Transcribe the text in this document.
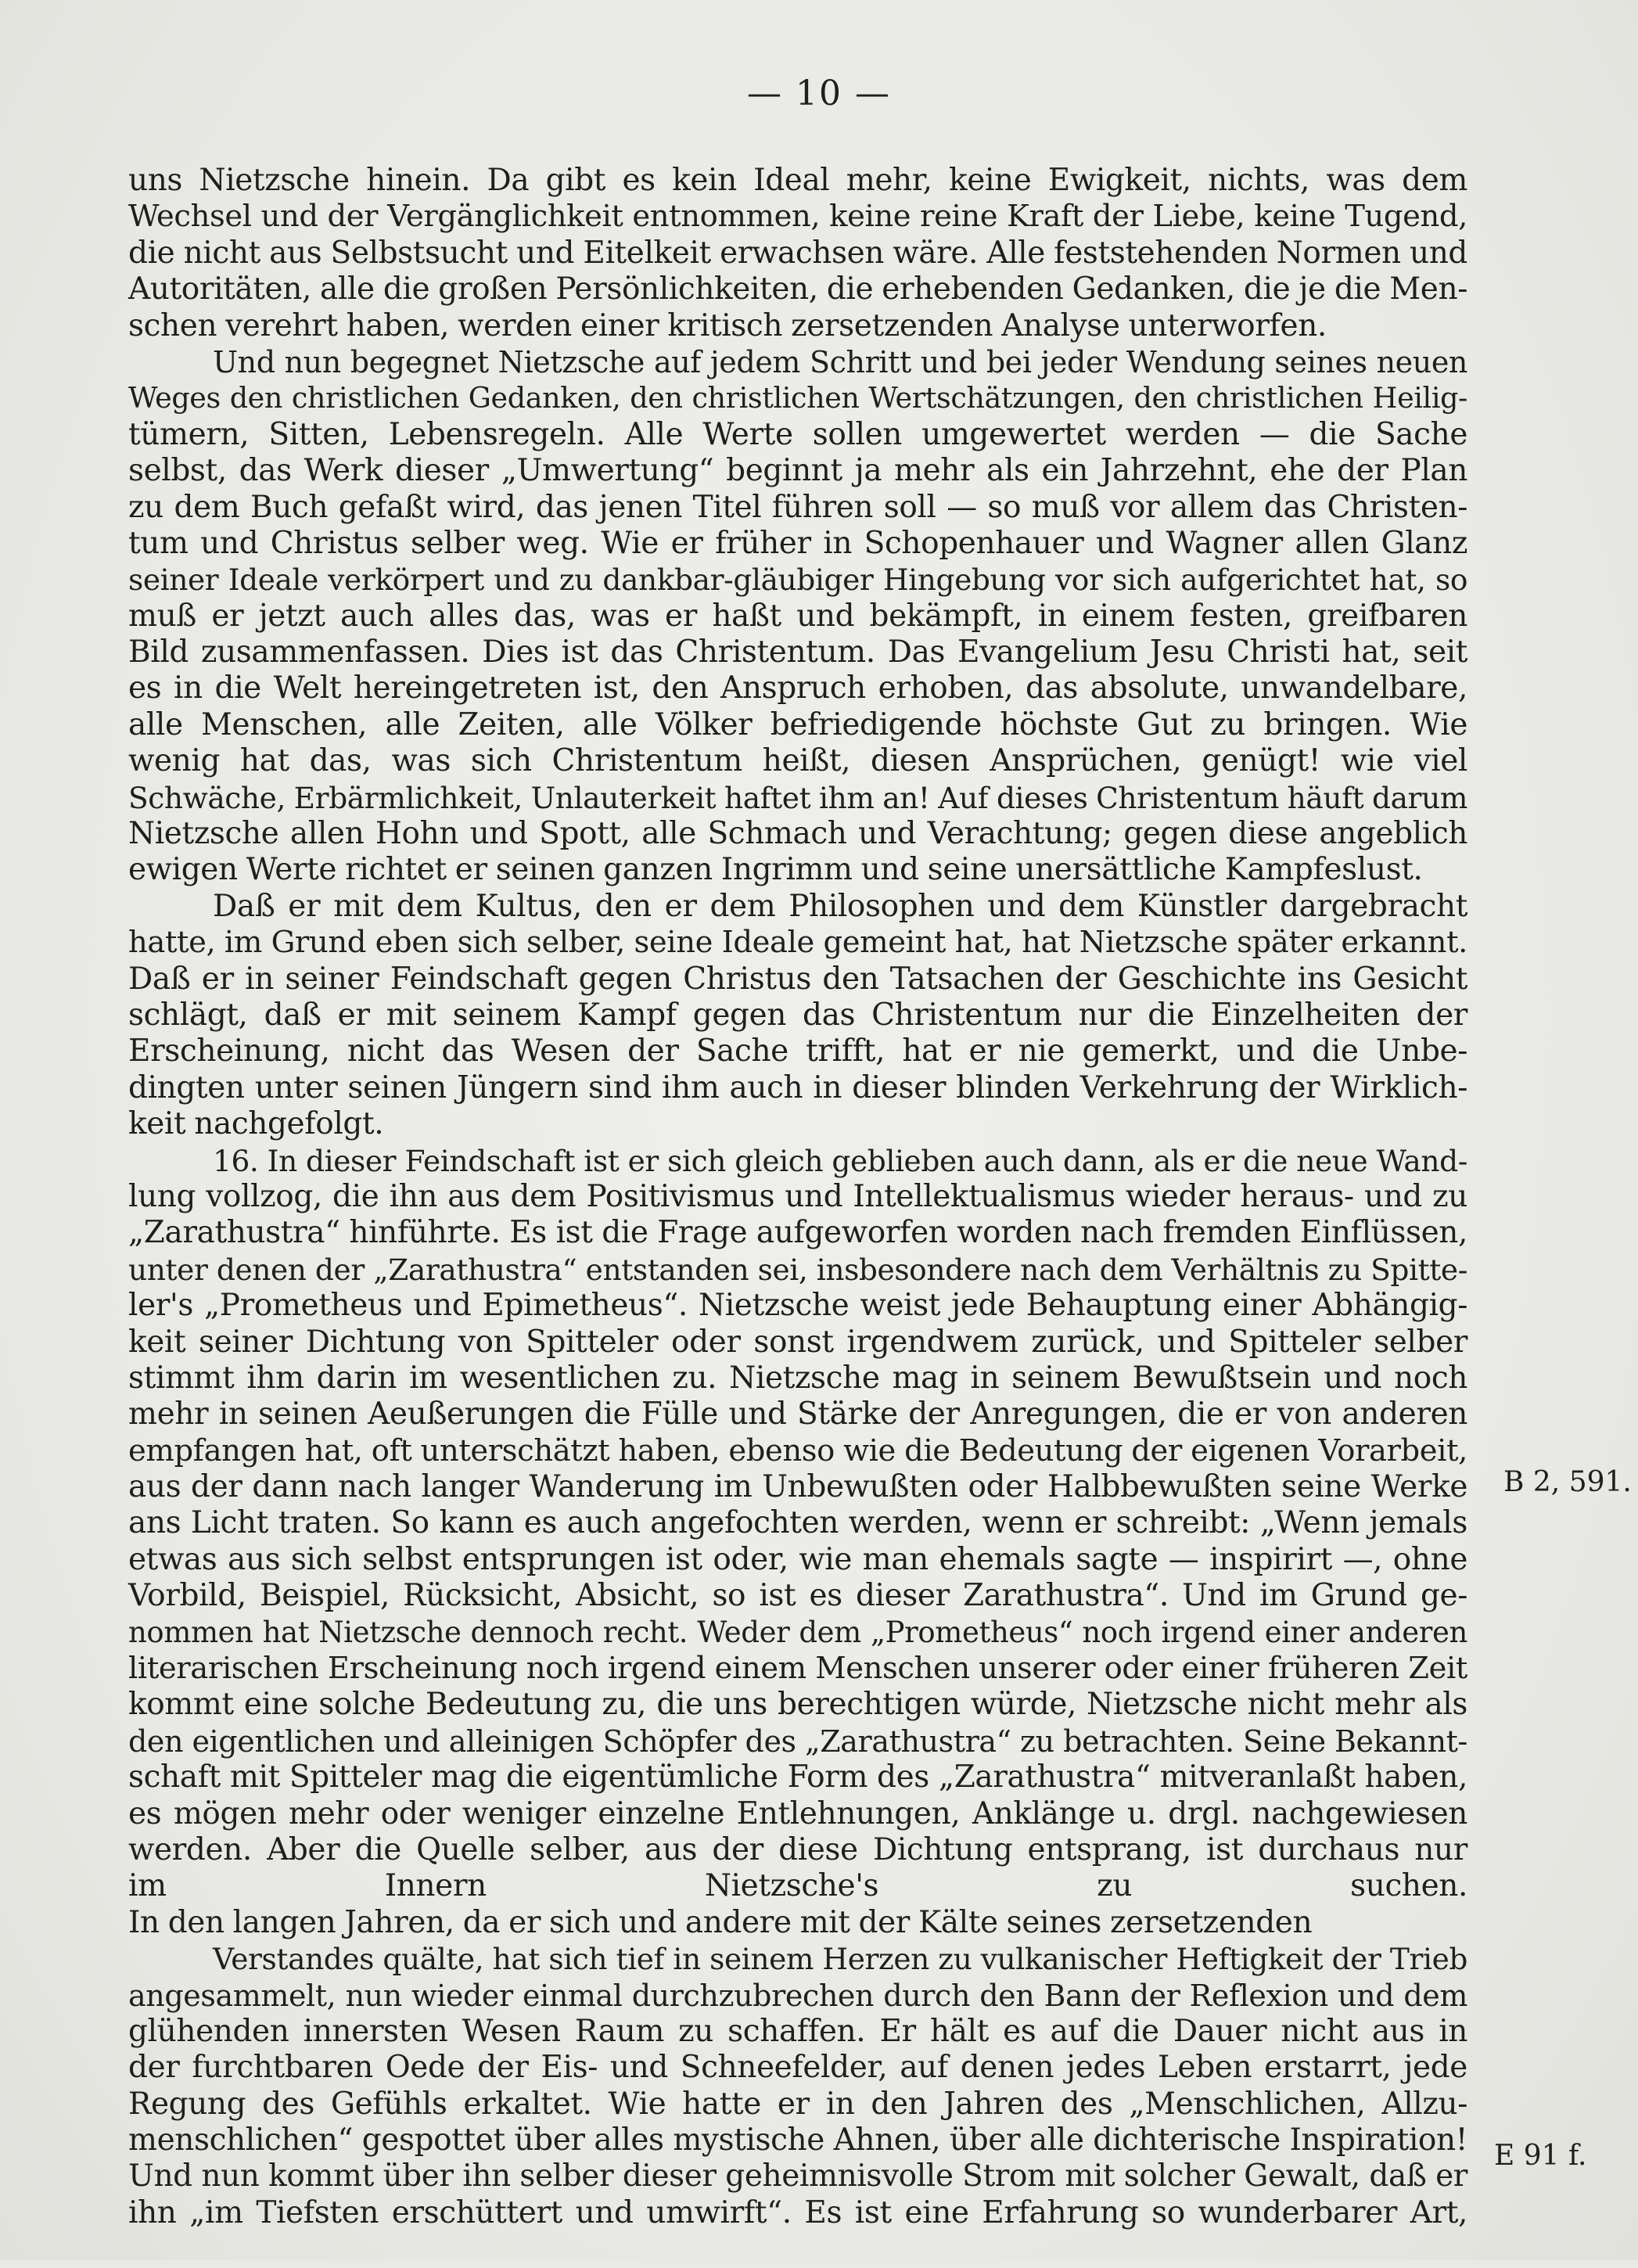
— 10 —
uns Nietzsche hinein. Da gibt es kein Ideal mehr, keine Ewigkeit, nichts, was dem
Wechsel und der Vergänglichkeit entnommen, keine reine Kraft der Liebe, keine Tugend,
die nicht aus Selbstsucht und Eitelkeit erwachsen wäre. Alle feststehenden Normen und
Autoritäten, alle die großen Persönlichkeiten, die erhebenden Gedanken, die je die Men-
schen verehrt haben, werden einer kritisch zersetzenden Analyse unterworfen.
Und nun begegnet Nietzsche auf jedem Schritt und bei jeder Wendung seines neuen
Weges den christlichen Gedanken, den christlichen Wertschätzungen, den christlichen Heilig-
tümern, Sitten, Lebensregeln. Alle Werte sollen umgewertet werden — die Sache
selbst, das Werk dieser „Umwertung“ beginnt ja mehr als ein Jahrzehnt, ehe der Plan
zu dem Buch gefaßt wird, das jenen Titel führen soll — so muß vor allem das Christen-
tum und Christus selber weg. Wie er früher in Schopenhauer und Wagner allen Glanz
seiner Ideale verkörpert und zu dankbar-gläubiger Hingebung vor sich aufgerichtet hat, so
muß er jetzt auch alles das, was er haßt und bekämpft, in einem festen, greifbaren
Bild zusammenfassen. Dies ist das Christentum. Das Evangelium Jesu Christi hat, seit
es in die Welt hereingetreten ist, den Anspruch erhoben, das absolute, unwandelbare,
alle Menschen, alle Zeiten, alle Völker befriedigende höchste Gut zu bringen. Wie
wenig hat das, was sich Christentum heißt, diesen Ansprüchen, genügt! wie viel
Schwäche, Erbärmlichkeit, Unlauterkeit haftet ihm an! Auf dieses Christentum häuft darum
Nietzsche allen Hohn und Spott, alle Schmach und Verachtung; gegen diese angeblich
ewigen Werte richtet er seinen ganzen Ingrimm und seine unersättliche Kampfeslust.
Daß er mit dem Kultus, den er dem Philosophen und dem Künstler dargebracht
hatte, im Grund eben sich selber, seine Ideale gemeint hat, hat Nietzsche später erkannt.
Daß er in seiner Feindschaft gegen Christus den Tatsachen der Geschichte ins Gesicht
schlägt, daß er mit seinem Kampf gegen das Christentum nur die Einzelheiten der
Erscheinung, nicht das Wesen der Sache trifft, hat er nie gemerkt, und die Unbe-
dingten unter seinen Jüngern sind ihm auch in dieser blinden Verkehrung der Wirklich-
keit nachgefolgt.
16. In dieser Feindschaft ist er sich gleich geblieben auch dann, als er die neue Wand-
lung vollzog, die ihn aus dem Positivismus und Intellektualismus wieder heraus- und zu
„Zarathustra“ hinführte. Es ist die Frage aufgeworfen worden nach fremden Einflüssen,
unter denen der „Zarathustra“ entstanden sei, insbesondere nach dem Verhältnis zu Spitte-
ler's „Prometheus und Epimetheus“. Nietzsche weist jede Behauptung einer Abhängig-
keit seiner Dichtung von Spitteler oder sonst irgendwem zurück, und Spitteler selber
stimmt ihm darin im wesentlichen zu. Nietzsche mag in seinem Bewußtsein und noch
mehr in seinen Aeußerungen die Fülle und Stärke der Anregungen, die er von anderen
empfangen hat, oft unterschätzt haben, ebenso wie die Bedeutung der eigenen Vorarbeit,
aus der dann nach langer Wanderung im Unbewußten oder Halbbewußten seine Werke
ans Licht traten. So kann es auch angefochten werden, wenn er schreibt: „Wenn jemals
etwas aus sich selbst entsprungen ist oder, wie man ehemals sagte — inspirirt —, ohne
Vorbild, Beispiel, Rücksicht, Absicht, so ist es dieser Zarathustra“. Und im Grund ge-
nommen hat Nietzsche dennoch recht. Weder dem „Prometheus“ noch irgend einer anderen
literarischen Erscheinung noch irgend einem Menschen unserer oder einer früheren Zeit
kommt eine solche Bedeutung zu, die uns berechtigen würde, Nietzsche nicht mehr als
den eigentlichen und alleinigen Schöpfer des „Zarathustra“ zu betrachten. Seine Bekannt-
schaft mit Spitteler mag die eigentümliche Form des „Zarathustra“ mitveranlaßt haben,
es mögen mehr oder weniger einzelne Entlehnungen, Anklänge u. drgl. nachgewiesen
werden. Aber die Quelle selber, aus der diese Dichtung entsprang, ist durchaus nur
im Innern Nietzsche's zu suchen.
In den langen Jahren, da er sich und andere mit der Kälte seines zersetzenden
Verstandes quälte, hat sich tief in seinem Herzen zu vulkanischer Heftigkeit der Trieb
angesammelt, nun wieder einmal durchzubrechen durch den Bann der Reflexion und dem
glühenden innersten Wesen Raum zu schaffen. Er hält es auf die Dauer nicht aus in
der furchtbaren Oede der Eis- und Schneefelder, auf denen jedes Leben erstarrt, jede
Regung des Gefühls erkaltet. Wie hatte er in den Jahren des „Menschlichen, Allzu-
menschlichen“ gespottet über alles mystische Ahnen, über alle dichterische Inspiration!
Und nun kommt über ihn selber dieser geheimnisvolle Strom mit solcher Gewalt, daß er
ihn „im Tiefsten erschüttert und umwirft“. Es ist eine Erfahrung so wunderbarer Art,
B 2, 591.
E 91 f.
